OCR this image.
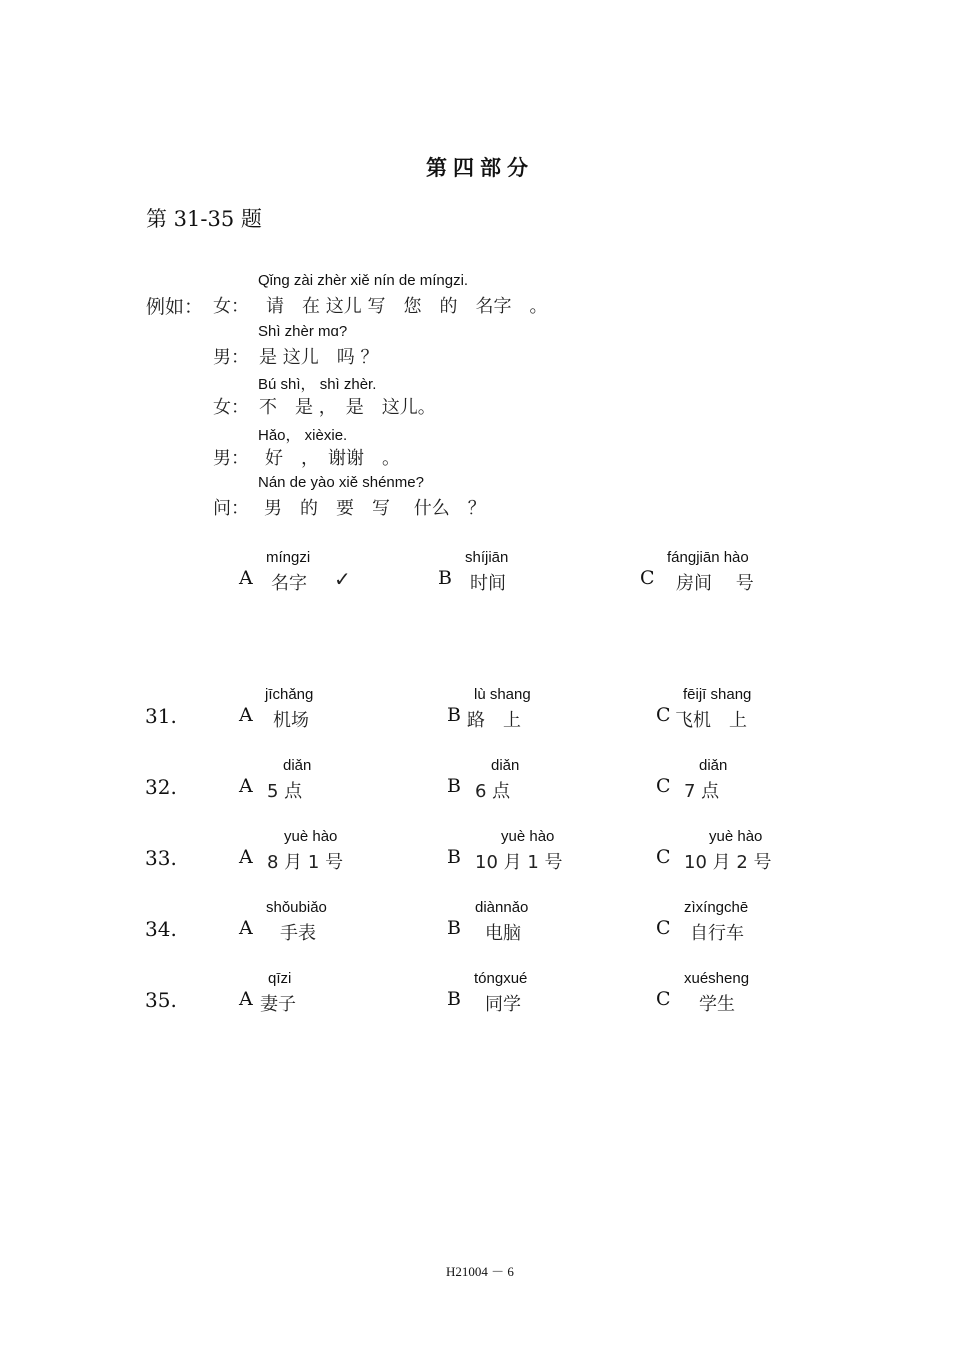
第四部分
第 31-35 题
例如：
Qǐng zài zhèr xiě nín de míngzi.
女： 请　在 这儿 写　您　的　名字　。
Shì zhèr mɑ?
男： 是 这儿　吗 ？
Bú shì， shì zhèr.
女： 不　是 ，　是　这儿。
Hǎo， xièxie.
男： 好　，　谢谢　。
Nán de yào xiě shénme?
问： 男　的　要　写　 什么　？
míngzi
A 名字 ✓
shíjiān
B 时间
fángjiān hào
C 房间　 号
31.
jīchǎng
A 机场
lù shang
B 路　上
fēijī shang
C 飞机　上
32.
diǎn
A 5 点
diǎn
B 6 点
diǎn
C 7 点
33.
yuè hào
A 8 月 1 号
yuè hào
B 10 月 1 号
yuè hào
C 10 月 2 号
34.
shǒubiǎo
A 手表
diànnǎo
B 电脑
zìxíngchē
C 自行车
35.
qīzi
A 妻子
tóngxué
B 同学
xuésheng
C 学生
H21004 － 6
